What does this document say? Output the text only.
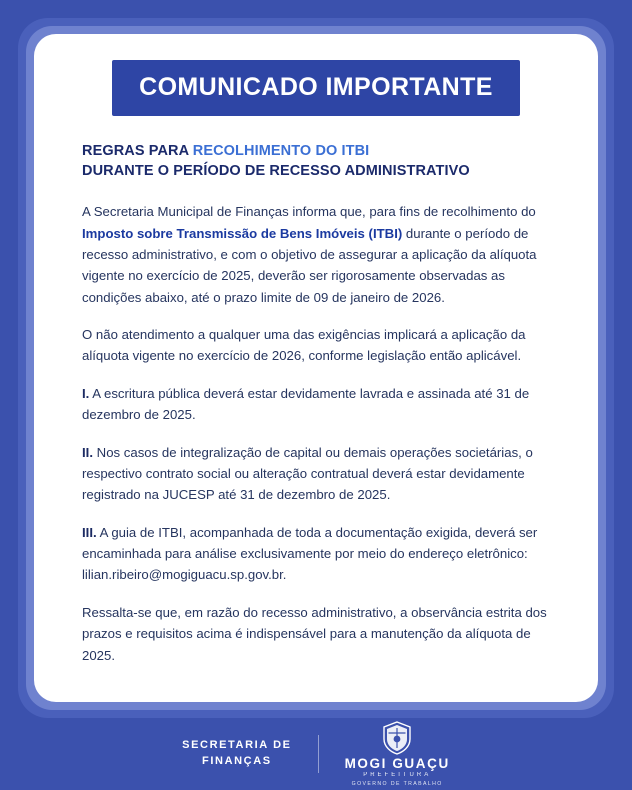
COMUNICADO IMPORTANTE
REGRAS PARA RECOLHIMENTO DO ITBI
DURANTE O PERÍODO DE RECESSO ADMINISTRATIVO
A Secretaria Municipal de Finanças informa que, para fins de recolhimento do Imposto sobre Transmissão de Bens Imóveis (ITBI) durante o período de recesso administrativo, e com o objetivo de assegurar a aplicação da alíquota vigente no exercício de 2025, deverão ser rigorosamente observadas as condições abaixo, até o prazo limite de 09 de janeiro de 2026.
O não atendimento a qualquer uma das exigências implicará a aplicação da alíquota vigente no exercício de 2026, conforme legislação então aplicável.
I. A escritura pública deverá estar devidamente lavrada e assinada até 31 de dezembro de 2025.
II. Nos casos de integralização de capital ou demais operações societárias, o respectivo contrato social ou alteração contratual deverá estar devidamente registrado na JUCESP até 31 de dezembro de 2025.
III. A guia de ITBI, acompanhada de toda a documentação exigida, deverá ser encaminhada para análise exclusivamente por meio do endereço eletrônico: lilian.ribeiro@mogiguacu.sp.gov.br.
Ressalta-se que, em razão do recesso administrativo, a observância estrita dos prazos e requisitos acima é indispensável para a manutenção da alíquota de 2025.
SECRETARIA DE
FINANÇAS	MOGI GUAÇU
PREFEITURA
GOVERNO DE TRABALHO
